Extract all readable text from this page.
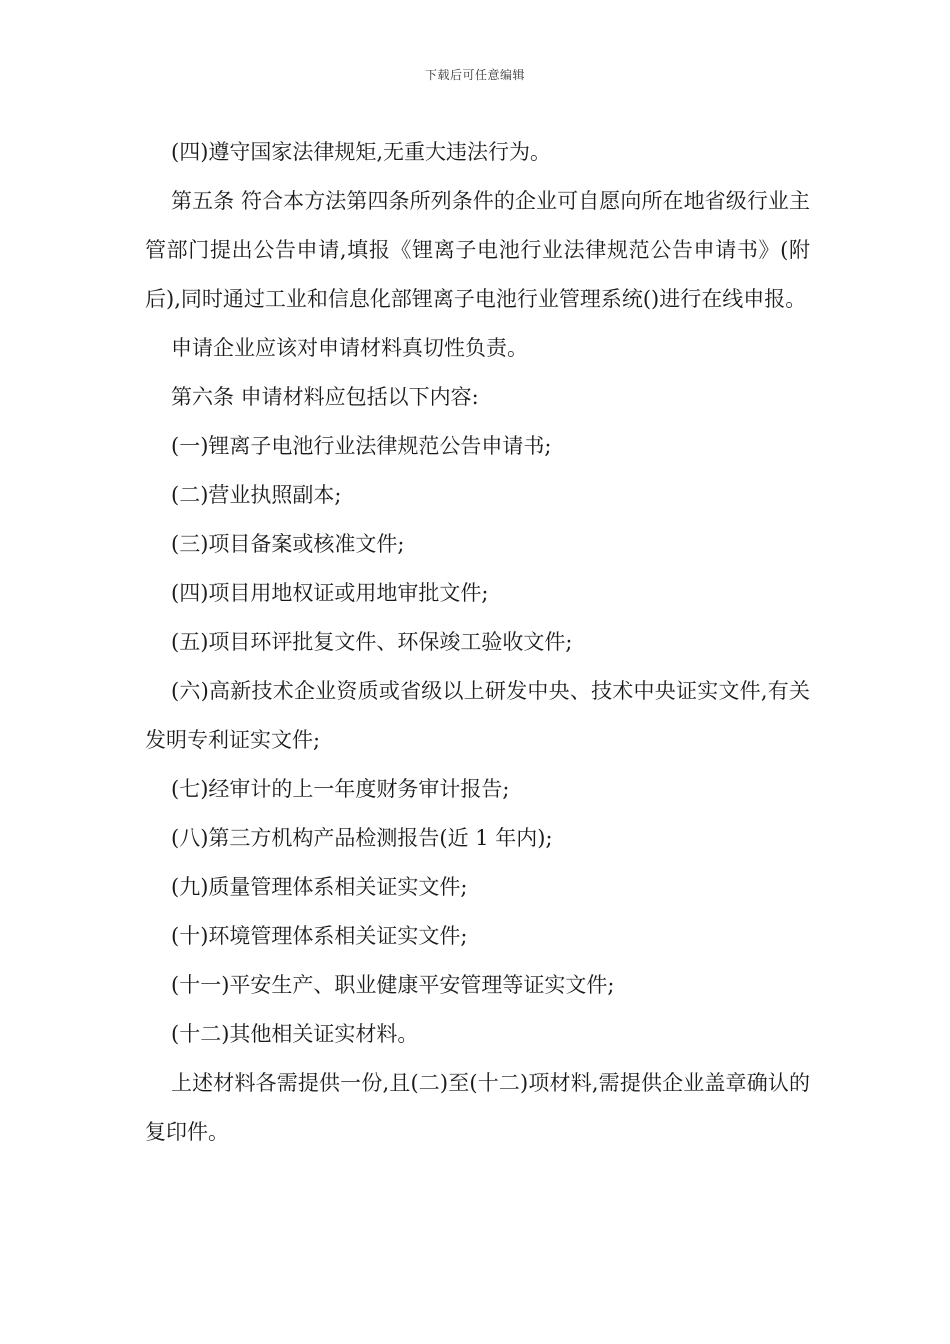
下载后可任意编辑

(四)遵守国家法律规矩,无重大违法行为。

第五条 符合本方法第四条所列条件的企业可自愿向所在地省级行业主管部门提出公告申请,填报《锂离子电池行业法律规范公告申请书》(附后),同时通过工业和信息化部锂离子电池行业管理系统()进行在线申报。

申请企业应该对申请材料真切性负责。

第六条 申请材料应包括以下内容:

(一)锂离子电池行业法律规范公告申请书;

(二)营业执照副本;

(三)项目备案或核准文件;

(四)项目用地权证或用地审批文件;

(五)项目环评批复文件、环保竣工验收文件;

(六)高新技术企业资质或省级以上研发中央、技术中央证实文件,有关发明专利证实文件;

(七)经审计的上一年度财务审计报告;

(八)第三方机构产品检测报告(近 1 年内);

(九)质量管理体系相关证实文件;

(十)环境管理体系相关证实文件;

(十一)平安生产、职业健康平安管理等证实文件;

(十二)其他相关证实材料。

上述材料各需提供一份,且(二)至(十二)项材料,需提供企业盖章确认的复印件。
